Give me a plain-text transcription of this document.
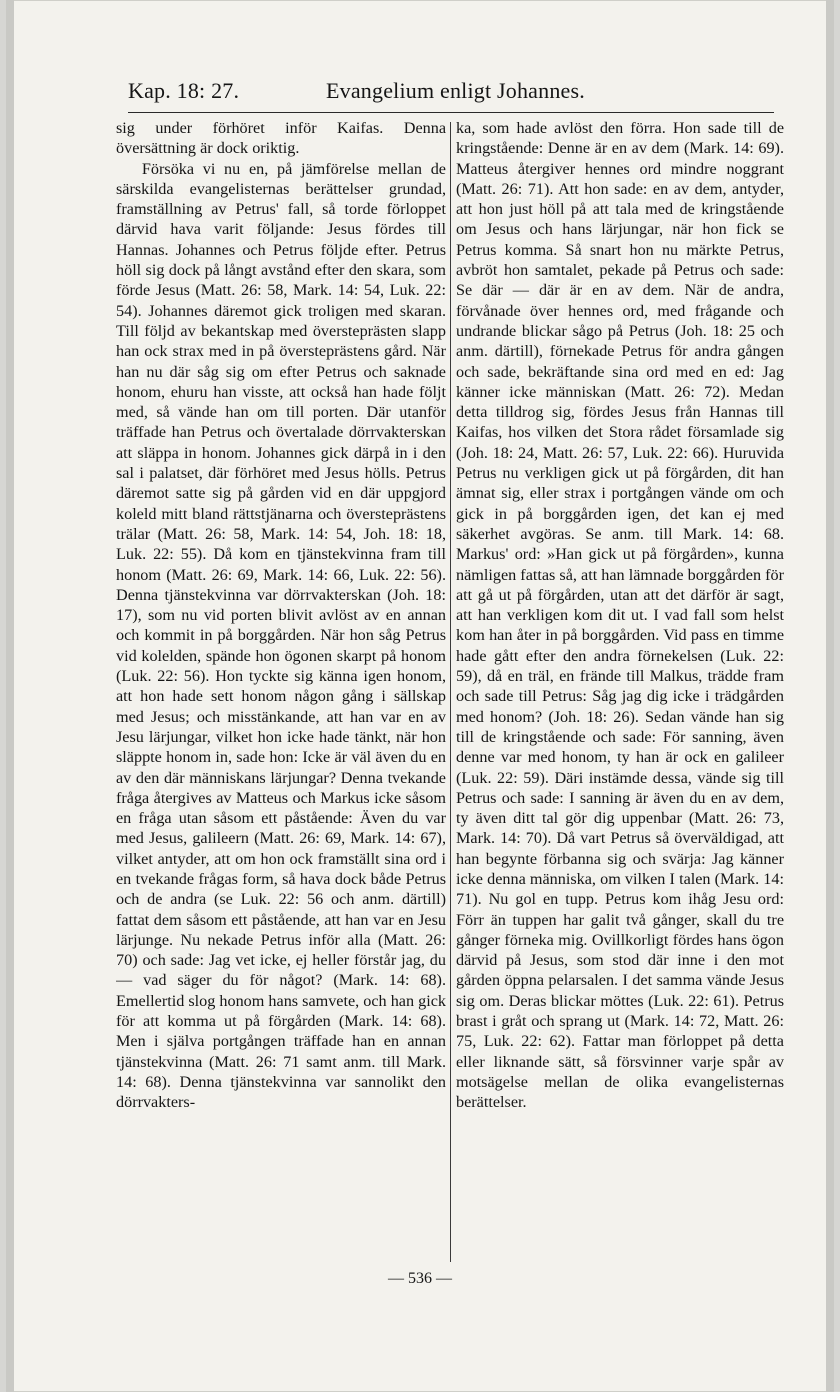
Kap. 18: 27.	Evangelium enligt Johannes.

sig under förhöret inför Kaifas. Denna översättning är dock oriktig.

Försöka vi nu en, på jämförelse mellan de särskilda evangelisternas berättelser grundad, framställning av Petrus' fall, så torde förloppet därvid hava varit följande: Jesus fördes till Hannas. Johannes och Petrus följde efter. Petrus höll sig dock på långt avstånd efter den skara, som förde Jesus (Matt. 26: 58, Mark. 14: 54, Luk. 22: 54). Johannes däremot gick troligen med skaran. Till följd av bekantskap med översteprästen slapp han ock strax med in på översteprästens gård. När han nu där såg sig om efter Petrus och saknade honom, ehuru han visste, att också han hade följt med, så vände han om till porten. Där utanför träffade han Petrus och övertalade dörrvakterskan att släppa in honom. Johannes gick därpå in i den sal i palatset, där förhöret med Jesus hölls. Petrus däremot satte sig på gården vid en där uppgjord koleld mitt bland rättstjänarna och översteprästens trälar (Matt. 26: 58, Mark. 14: 54, Joh. 18: 18, Luk. 22: 55). Då kom en tjänstekvinna fram till honom (Matt. 26: 69, Mark. 14: 66, Luk. 22: 56). Denna tjänstekvinna var dörrvakterskan (Joh. 18: 17), som nu vid porten blivit avlöst av en annan och kommit in på borggården. När hon såg Petrus vid kolelden, spände hon ögonen skarpt på honom (Luk. 22: 56). Hon tyckte sig känna igen honom, att hon hade sett honom någon gång i sällskap med Jesus; och misstänkande, att han var en av Jesu lärjungar, vilket hon icke hade tänkt, när hon släppte honom in, sade hon: Icke är väl även du en av den där människans lärjungar? Denna tvekande fråga återgives av Matteus och Markus icke såsom en fråga utan såsom ett påstående: Även du var med Jesus, galileern (Matt. 26: 69, Mark. 14: 67), vilket antyder, att om hon ock framställt sina ord i en tvekande frågas form, så hava dock både Petrus och de andra (se Luk. 22: 56 och anm. därtill) fattat dem såsom ett påstående, att han var en Jesu lärjunge. Nu nekade Petrus inför alla (Matt. 26: 70) och sade: Jag vet icke, ej heller förstår jag, du — vad säger du för något? (Mark. 14: 68). Emellertid slog honom hans samvete, och han gick för att komma ut på förgården (Mark. 14: 68). Men i själva portgången träffade han en annan tjänstekvinna (Matt. 26: 71 samt anm. till Mark. 14: 68). Denna tjänstekvinna var sannolikt den dörrvakters-

ka, som hade avlöst den förra. Hon sade till de kringstående: Denne är en av dem (Mark. 14: 69). Matteus återgiver hennes ord mindre noggrant (Matt. 26: 71). Att hon sade: en av dem, antyder, att hon just höll på att tala med de kringstående om Jesus och hans lärjungar, när hon fick se Petrus komma. Så snart hon nu märkte Petrus, avbröt hon samtalet, pekade på Petrus och sade: Se där — där är en av dem. När de andra, förvånade över hennes ord, med frågande och undrande blickar sågo på Petrus (Joh. 18: 25 och anm. därtill), förnekade Petrus för andra gången och sade, bekräftande sina ord med en ed: Jag känner icke människan (Matt. 26: 72). Medan detta tilldrog sig, fördes Jesus från Hannas till Kaifas, hos vilken det Stora rådet församlade sig (Joh. 18: 24, Matt. 26: 57, Luk. 22: 66). Huruvida Petrus nu verkligen gick ut på förgården, dit han ämnat sig, eller strax i portgången vände om och gick in på borggården igen, det kan ej med säkerhet avgöras. Se anm. till Mark. 14: 68. Markus' ord: »Han gick ut på förgården», kunna nämligen fattas så, att han lämnade borggården för att gå ut på förgården, utan att det därför är sagt, att han verkligen kom dit ut. I vad fall som helst kom han åter in på borggården. Vid pass en timme hade gått efter den andra förnekelsen (Luk. 22: 59), då en träl, en frände till Malkus, trädde fram och sade till Petrus: Såg jag dig icke i trädgården med honom? (Joh. 18: 26). Sedan vände han sig till de kringstående och sade: För sanning, även denne var med honom, ty han är ock en galileer (Luk. 22: 59). Däri instämde dessa, vände sig till Petrus och sade: I sanning är även du en av dem, ty även ditt tal gör dig uppenbar (Matt. 26: 73, Mark. 14: 70). Då vart Petrus så överväldigad, att han begynte förbanna sig och svärja: Jag känner icke denna människa, om vilken I talen (Mark. 14: 71). Nu gol en tupp. Petrus kom ihåg Jesu ord: Förr än tuppen har galit två gånger, skall du tre gånger förneka mig. Ovillkorligt fördes hans ögon därvid på Jesus, som stod där inne i den mot gården öppna pelarsalen. I det samma vände Jesus sig om. Deras blickar möttes (Luk. 22: 61). Petrus brast i gråt och sprang ut (Mark. 14: 72, Matt. 26: 75, Luk. 22: 62). Fattar man förloppet på detta eller liknande sätt, så försvinner varje spår av motsägelse mellan de olika evangelisternas berättelser.

— 536 —
